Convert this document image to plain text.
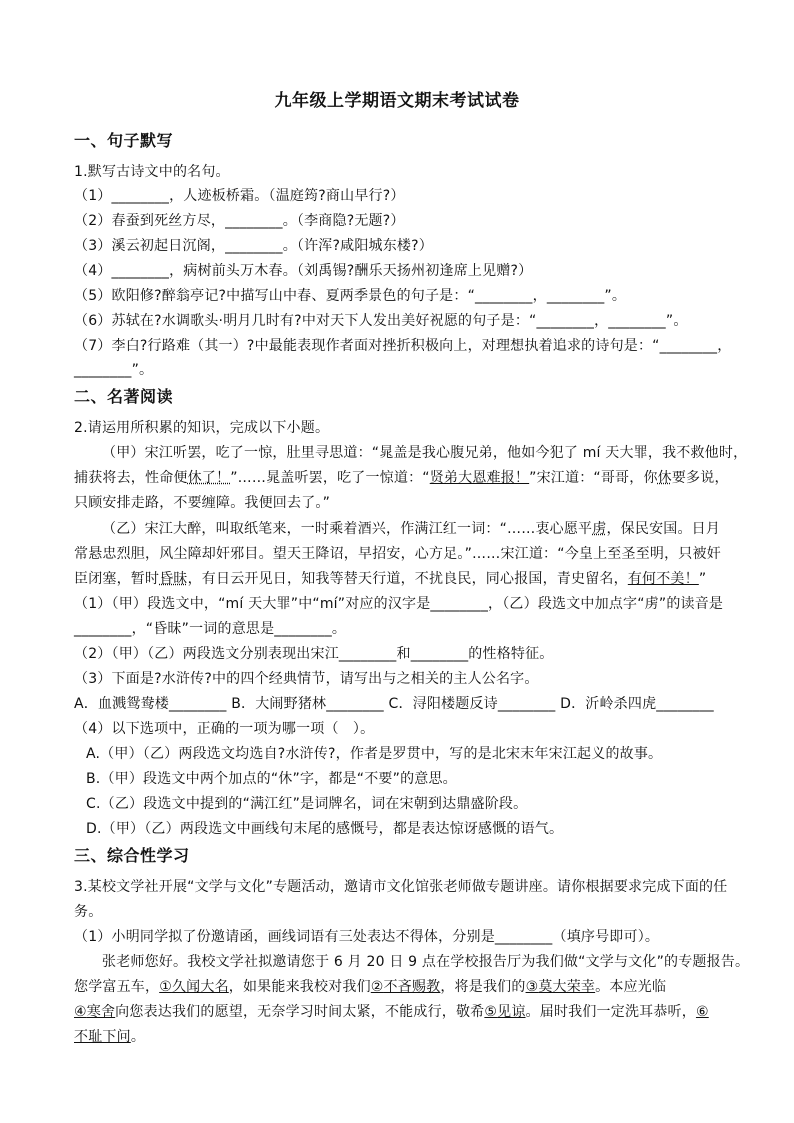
九年级上学期语文期末考试试卷
一、句子默写
1.默写古诗文中的名句。
（1）________，人迹板桥霜。（温庭筠?商山早行?）
（2）春蚕到死丝方尽，________。（李商隐?无题?）
（3）溪云初起日沉阁，________。（许浑?咸阳城东楼?）
（4）________，病树前头万木春。（刘禹锡?酬乐天扬州初逢席上见赠?）
（5）欧阳修?醉翁亭记?中描写山中春、夏两季景色的句子是：“________，________”。
（6）苏轼在?水调歌头·明月几时有?中对天下人发出美好祝愿的句子是：“________，________”。
（7）李白?行路难（其一）?中最能表现作者面对挫折积极向上，对理想执着追求的诗句是：“________，
________”。
二、名著阅读
2.请运用所积累的知识，完成以下小题。
（甲）宋江听罢，吃了一惊，肚里寻思道：“晁盖是我心腹兄弟，他如今犯了 mí 天大罪，我不救他时，
捕获将去，性命便休了！”……晁盖听罢，吃了一惊道：“贤弟大恩难报！”宋江道：“哥哥，你休要多说，
只顾安排走路，不要缠障。我便回去了。”
（乙）宋江大醉，叫取纸笔来，一时乘着酒兴，作满江红一词：“……衷心愿平虏，保民安国。日月
常悬忠烈胆，风尘障却奸邪目。望天王降诏，早招安，心方足。”……宋江道：“今皇上至圣至明，只被奸
臣闭塞，暂时昏昧，有日云开见日，知我等替天行道，不扰良民，同心报国，青史留名，有何不美！”
（1）（甲）段选文中，“mí 天大罪”中“mí”对应的汉字是________，（乙）段选文中加点字“虏”的读音是
________，“昏昧”一词的意思是________。
（2）（甲）（乙）两段选文分别表现出宋江________和________的性格特征。
（3）下面是?水浒传?中的四个经典情节，请写出与之相关的主人公名字。
A．血溅鸳鸯楼________ B．大闹野猪林________ C．浔阳楼题反诗________ D．沂岭杀四虎________
（4）以下选项中，正确的一项为哪一项（　）。
A.（甲）（乙）两段选文均选自?水浒传?，作者是罗贯中，写的是北宋末年宋江起义的故事。
B.（甲）段选文中两个加点的“休”字，都是“不要”的意思。
C.（乙）段选文中提到的“满江红”是词牌名，词在宋朝到达鼎盛阶段。
D.（甲）（乙）两段选文中画线句末尾的感慨号，都是表达惊讶感慨的语气。
三、综合性学习
3.某校文学社开展“文学与文化”专题活动，邀请市文化馆张老师做专题讲座。请你根据要求完成下面的任
务。
（1）小明同学拟了份邀请函，画线词语有三处表达不得体，分别是________（填序号即可）。
张老师您好。我校文学社拟邀请您于 6 月 20 日 9 点在学校报告厅为我们做“文学与文化”的专题报告。
您学富五车，①久闻大名，如果能来我校对我们②不吝赐教，将是我们的③莫大荣幸。本应光临
④寒舍向您表达我们的愿望，无奈学习时间太紧，不能成行，敬希⑤见谅。届时我们一定洗耳恭听，⑥
不耻下问。
